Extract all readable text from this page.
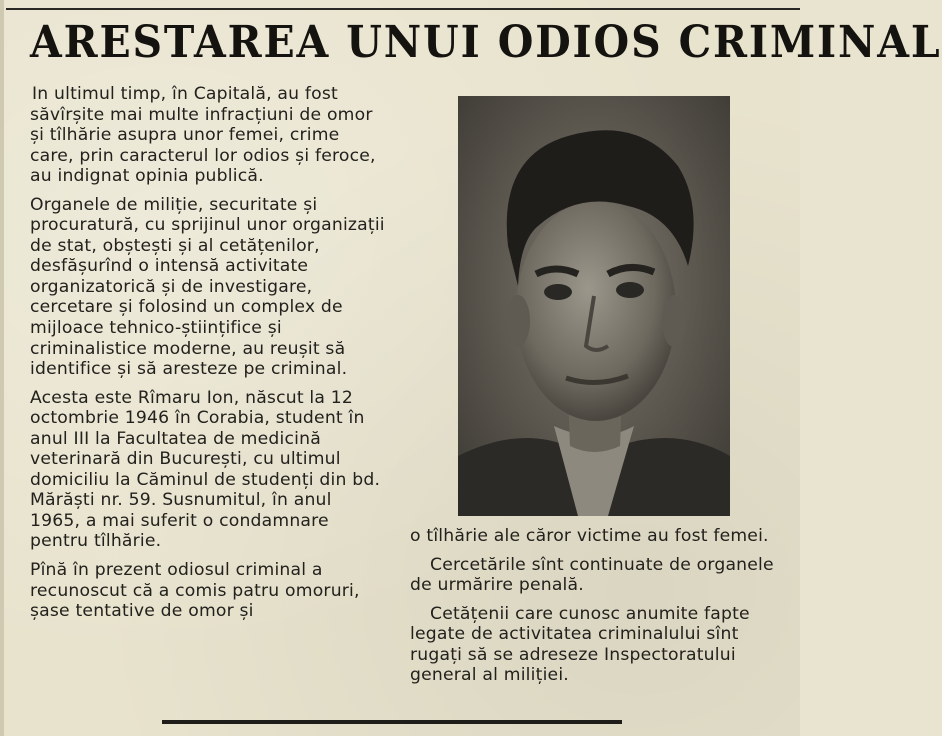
ARESTAREA UNUI ODIOS CRIMINAL

In ultimul timp, în Capitală, au fost săvîrșite mai multe infracțiuni de omor și tîlhărie asupra unor femei, crime care, prin caracterul lor odios și feroce, au indignat opinia publică.

Organele de miliție, securitate și procuratură, cu sprijinul unor organizații de stat, obștești și al cetățenilor, desfășurînd o intensă activitate organizatorică și de investigare, cercetare și folosind un complex de mijloace tehnico-științifice și criminalistice moderne, au reușit să identifice și să aresteze pe criminal.

Acesta este Rîmaru Ion, născut la 12 octombrie 1946 în Corabia, student în anul III la Facultatea de medicină veterinară din București, cu ultimul domiciliu la Căminul de studenți din bd. Mărăști nr. 59. Susnumitul, în anul 1965, a mai suferit o condamnare pentru tîlhărie.

Pînă în prezent odiosul criminal a recunoscut că a comis patru omoruri, șase tentative de omor și

o tîlhărie ale căror victime au fost femei.

Cercetările sînt continuate de organele de urmărire penală.

Cetățenii care cunosc anumite fapte legate de activitatea criminalului sînt rugați să se adreseze Inspectoratului general al miliției.
